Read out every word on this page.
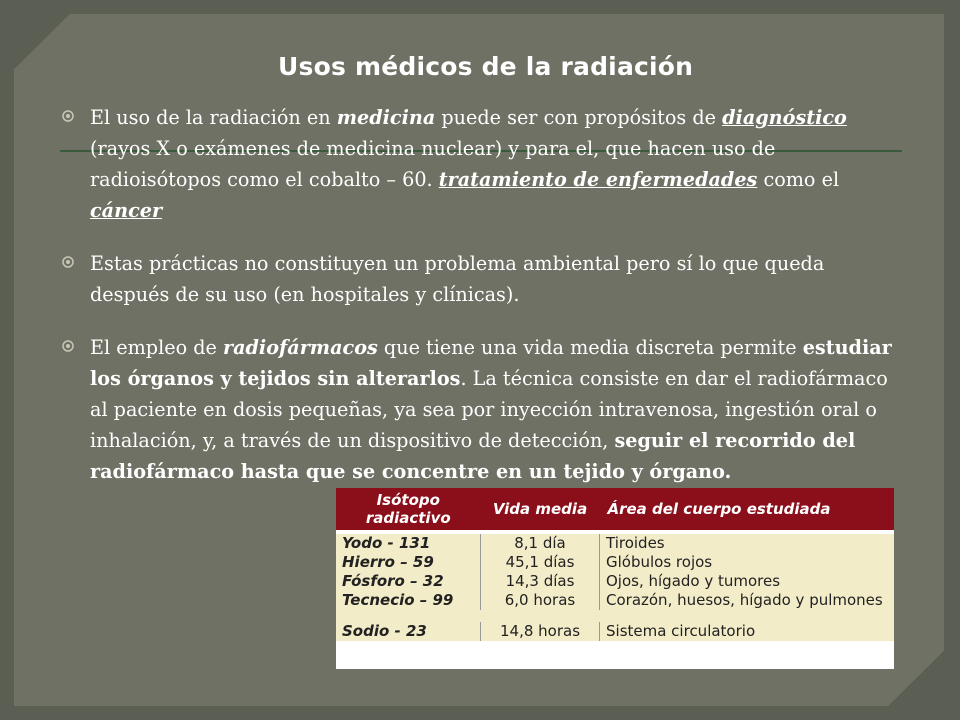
Usos médicos de la radiación
El uso de la radiación en medicina puede ser con propósitos de diagnóstico (rayos X o exámenes de medicina nuclear) y para el, que hacen uso de radioisótopos como el cobalto – 60. tratamiento de enfermedades como el cáncer
Estas prácticas no constituyen un problema ambiental pero sí lo que queda después de su uso (en hospitales y clínicas).
El empleo de radiofármacos que tiene una vida media discreta permite estudiar los órganos y tejidos sin alterarlos. La técnica consiste en dar el radiofármaco al paciente en dosis pequeñas, ya sea por inyección intravenosa, ingestión oral o inhalación, y, a través de un dispositivo de detección, seguir el recorrido del radiofármaco hasta que se concentre en un tejido y órgano.
Isótopo radiactivo	Vida media	Área del cuerpo estudiada

Yodo - 131	8,1 día	Tiroides
Hierro – 59	45,1 días	Glóbulos rojos
Fósforo – 32	14,3 días	Ojos, hígado y tumores
Tecnecio – 99	6,0 horas	Corazón, huesos, hígado y pulmones

Sodio - 23	14,8 horas	Sistema circulatorio
